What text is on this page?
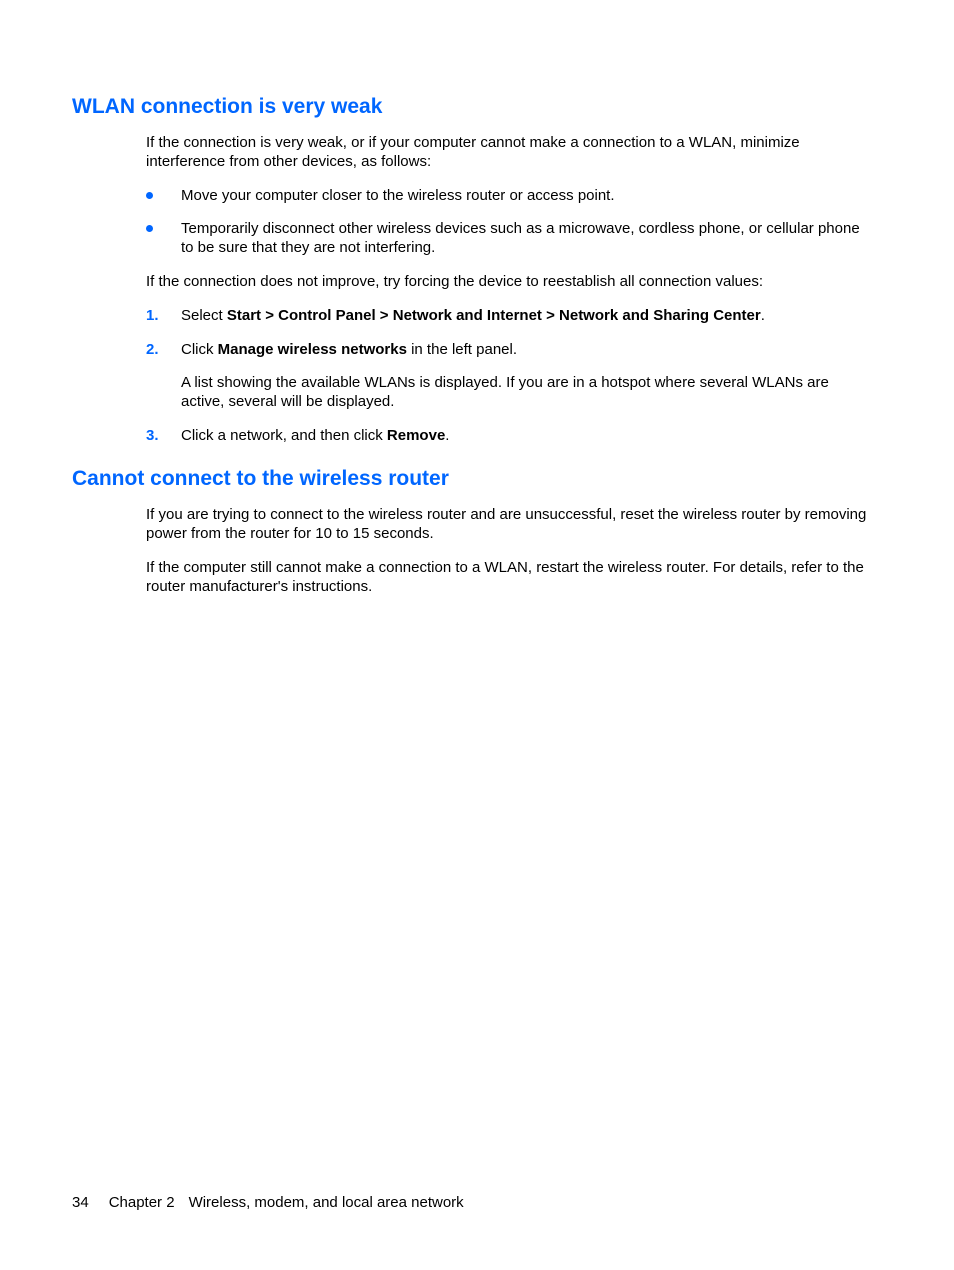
WLAN connection is very weak

If the connection is very weak, or if your computer cannot make a connection to a WLAN, minimize interference from other devices, as follows:

Move your computer closer to the wireless router or access point.
Temporarily disconnect other wireless devices such as a microwave, cordless phone, or cellular phone to be sure that they are not interfering.

If the connection does not improve, try forcing the device to reestablish all connection values:

1. Select Start > Control Panel > Network and Internet > Network and Sharing Center.
2. Click Manage wireless networks in the left panel.

A list showing the available WLANs is displayed. If you are in a hotspot where several WLANs are active, several will be displayed.

3. Click a network, and then click Remove.
Cannot connect to the wireless router

If you are trying to connect to the wireless router and are unsuccessful, reset the wireless router by removing power from the router for 10 to 15 seconds.

If the computer still cannot make a connection to a WLAN, restart the wireless router. For details, refer to the router manufacturer's instructions.

34 Chapter 2 Wireless, modem, and local area network
